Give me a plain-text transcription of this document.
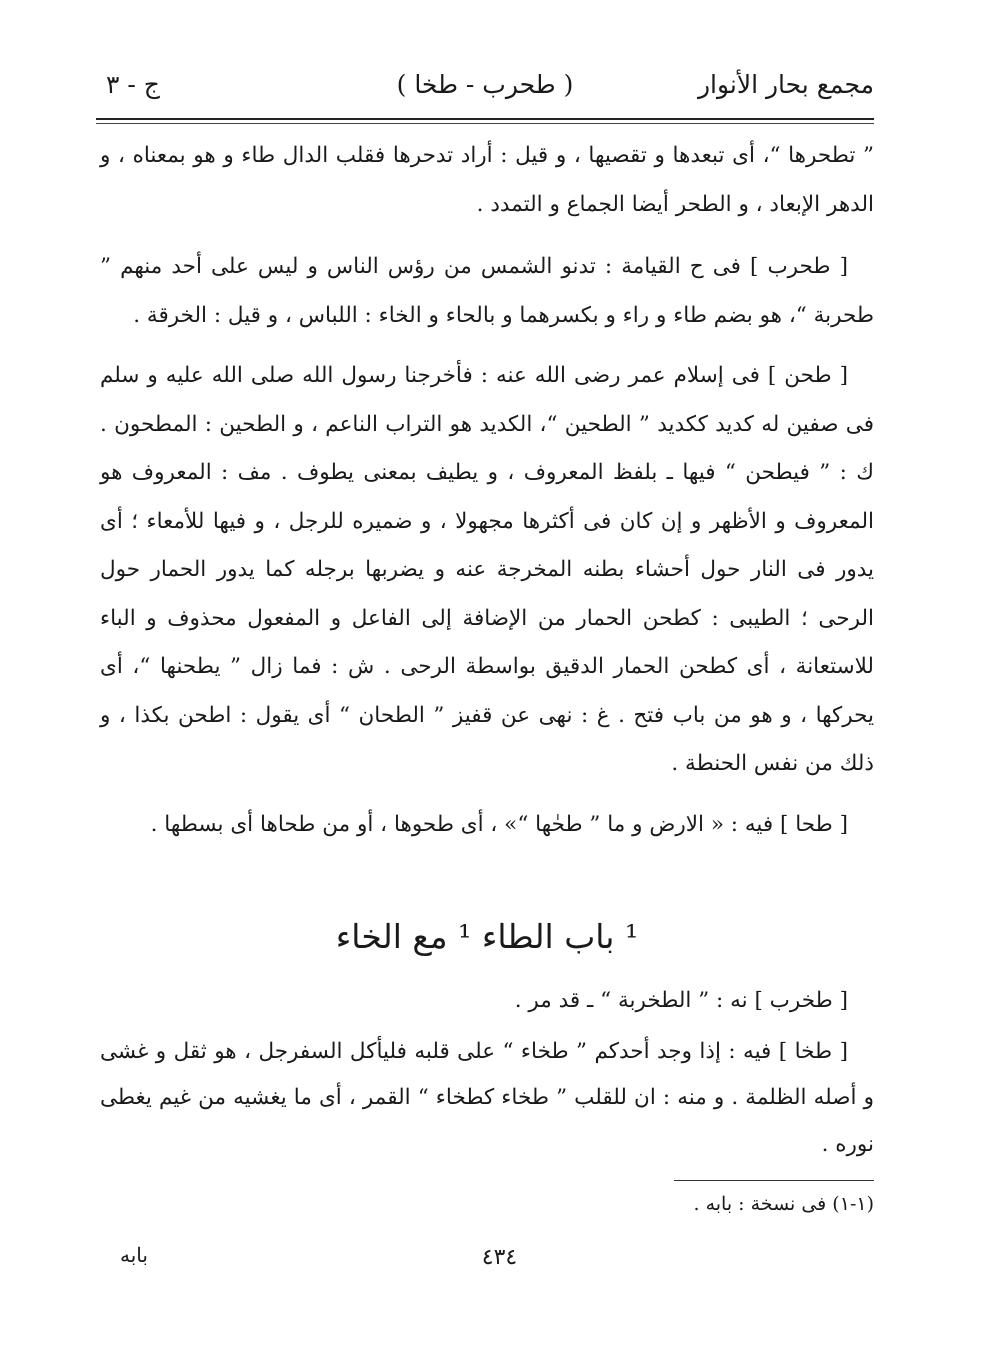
مجمع بحار الأنوار
( طحرب - طخا )
ج - ٣

” تطحرها “، أى تبعدها و تقصيها ، و قيل : أراد تدحرها فقلب الدال طاء و هو بمعناه ، و الدهر الإبعاد ، و الطحر أيضا الجماع و التمدد .

[ طحرب ] فى ح القيامة : تدنو الشمس من رؤس الناس و ليس على أحد منهم ” طحربة “، هو بضم طاء و راء و بكسرهما و بالحاء و الخاء : اللباس ، و قيل : الخرقة .

[ طحن ] فى إسلام عمر رضى الله عنه : فأخرجنا رسول الله صلى الله عليه و سلم فى صفين له كديد ككديد ” الطحين “، الكديد هو التراب الناعم ، و الطحين : المطحون . ك : ” فيطحن “ فيها ـ بلفظ المعروف ، و يطيف بمعنى يطوف . مف : المعروف هو المعروف و الأظهر و إن كان فى أكثرها مجهولا ، و ضميره للرجل ، و فيها للأمعاء ؛ أى يدور فى النار حول أحشاء بطنه المخرجة عنه و يضربها برجله كما يدور الحمار حول الرحى ؛ الطيبى : كطحن الحمار من الإضافة إلى الفاعل و المفعول محذوف و الباء للاستعانة ، أى كطحن الحمار الدقيق بواسطة الرحى . ش : فما زال ” يطحنها “، أى يحركها ، و هو من باب فتح . غ : نهى عن قفيز ” الطحان “ أى يقول : اطحن بكذا ، و ذلك من نفس الحنطة .

[ طحا ] فيه : « الارض و ما ” طحٰها “» ، أى طحوها ، أو من طحاها أى بسطها .

¹ باب الطاء ¹ مع الخاء

[ طخرب ] نه : ” الطخربة “ ـ قد مر .

[ طخا ] فيه : إذا وجد أحدكم ” طخاء “ على قلبه فليأكل السفرجل ، هو ثقل و غشى و أصله الظلمة . و منه : ان للقلب ” طخاء كطخاء “ القمر ، أى ما يغشيه من غيم يغطى نوره .

(١-١) فى نسخة : بابه .
٤٣٤
بابه
